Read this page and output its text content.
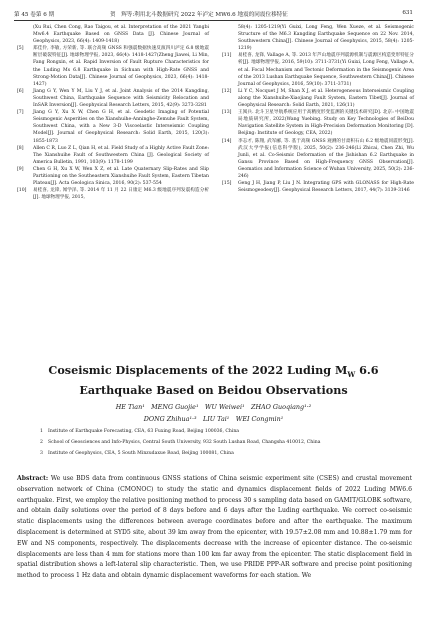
第 45 卷第 6 期	贺　辉等:利用北斗数据研究 2022 年泸定 MW6.6 地震的同震位移特征	631
(Xu Rui, Chen Cong, Rao Taigou, et al. Interpretation of the 2021 Yangbi Mw6.4 Earthquake Based on GNSS Data [J]. Chinese Journal of Geophysics, 2023, 66(4): 1409-1418)
[5] 郑佳伶, 李敏, 方荣新, 等. 联合高频 GNSS 和强震数据快速反演四川泸定 6.8 级地震断层破裂特征[J]. 地球物理学报, 2023, 66(4): 1418-1427(Zheng Jiawei, Li Min, Fang Rongxin, et al. Rapid Inversion of Fault Rupture Characteristics for the Luding Ms 6.8 Earthquake in Sichuan with High-Rate GNSS and Strong-Motion Data[J]. Chinese Journal of Geophysics, 2023, 66(4): 1418-1427)
[6] Jiang G Y, Wen Y M, Liu Y J, et al. Joint Analysis of the 2014 Kangding, Southwest China, Earthquake Sequence with Seismicity Relocation and InSAR Inversion[J]. Geophysical Research Letters, 2015, 42(9): 3273-3281
[7] Jiang G Y, Xu X W, Chen G H, et al. Geodetic Imaging of Potential Seismogenic Asperities on the Xianshuihe-Anninghe-Zemuhe Fault System, Southwest China, with a New 3-D Viscoelastic Interseismic Coupling Model[J]. Journal of Geophysical Research: Solid Earth, 2015, 120(3): 1855-1873
[8] Allen C R, Luo Z L, Qian H, et al. Field Study of a Highly Active Fault Zone: The Xianshuihe Fault of Southwestern China [J]. Geological Society of America Bulletin, 1991, 103(9): 1178-1199
[9] Chen G H, Xu X W, Wen X Z, et al. Late Quaternary Slip-Rates and Slip Partitioning on the Southeastern Xianshuihe Fault System, Eastern Tibetan Plateau[J]. Acta Geologica Sinica, 2016, 90(2): 537-554
[10] 易桂喜, 龙锋, 闻学泽, 等. 2014 年 11 月 22 日康定 M6.3 级地震序列发震构造分析[J]. 地球物理学报, 2015,
58(4): 1205-1219(Yi Guixi, Long Feng, Wen Xueze, et al. Seismogenic Structure of the M6.3 Kangding Earthquake Sequence on 22 Nov. 2014, Southwestern China[J]. Chinese Journal of Geophysics, 2015, 58(4): 1205-1219)
[11] 易桂喜, 龙锋, Vallage A, 等. 2013 年芦山地震序列震源机制与震源区构造变形特征分析[J]. 地球物理学报, 2016, 59(10): 3711-3731(Yi Guixi, Long Feng, Vallage A, et al. Focal Mechanism and Tectonic Deformation in the Seismogenic Area of the 2013 Lushan Earthquake Sequence, Southwestern China[J]. Chinese Journal of Geophysics, 2016, 59(10): 3711-3731)
[12] Li Y C, Nocquet J M, Shan X J, et al. Heterogeneous Interseismic Coupling along the Xianshuihe-Xiaojiang Fault System, Eastern Tibet[J]. Journal of Geophysical Research: Solid Earth, 2021, 126(11)
[13] 王阅兵. 北斗卫星导航系统应用于高精度形变监测的关键技术研究[D]. 北京: 中国地震局地质研究所, 2022(Wang Yuebing. Study on Key Technologies of BeiDou Navigation Satellite System in High-Precision Deformation Monitoring [D]. Beijing: Institute of Geology, CEA, 2022)
[14] 李志才, 陈翔, 武军郦, 等. 基于高频 GNSS 观测的甘肃积石山 6.2 级地震同震形变[J]. 武汉大学学报(信息科学版), 2025, 50(2): 236-246(Li Zhicai, Chen Zhi, Wu Junli, et al. Co-Seismic Deformation of the Jishishan 6.2 Earthquake in Gansu Province Based on High-Frequency GNSS Observation[J]. Geomatics and Information Science of Wuhan University, 2025, 50(2): 236-246)
[15] Geng J H, Jiang P, Liu J N. Integrating GPS with GLONASS for High-Rate Seismogeodesy[J]. Geophysical Research Letters, 2017, 44(7): 3139-3146
Coseismic Displacements of the 2022 Luding $M_W$ 6.6
Earthquake Based on Beidou Observations
HE Tian¹　MENG Guojie¹　WU Weiwei¹　ZHAO Guoqiang¹·²
DONG Zhihua¹·³　LIU Tai¹　WEI Congmin¹
1 Institute of Earthquake Forecasting, CEA, 63 Fuxing Road, Beijing 100036, China
2 School of Geosciences and Info-Physics, Central South University, 932 South Lushan Road, Changsha 410012, China
3 Institute of Geophysics, CEA, 5 South Minzudaxue Road, Beijing 100081, China
Abstract: We use BDS data from continuous GNSS stations of China seismic experiment site (CSES) and crustal movement observation network of China (CMONOC) to study the static and dynamics displacement fields of 2022 Luding MW6.6 earthquake. First, we employ the relative positioning method to process 30 s sampling data based on GAMIT/GLOBK software, and obtain daily solutions over the period of 8 days before and 6 days after the Luding earthquake. We correct co-seismic static displacements using the differences between average coordinates before and after the earthquake. The maximum displacement is determined at SYD5 site, about 39 km away from the epicenter, with 19.57±2.08 mm and 10.88±1.79 mm for EW and NS components, respectively. The displacements decrease with the increase of epicenter distance. The co-seismic displacements are less than 4 mm for stations more than 100 km far away from the epicenter. The static displacement field in spatial distribution shows a left-lateral slip characteristic. Then, we use PRIDE PPP-AR software and precise point positioning method to process 1 Hz data and obtain dynamic displacement waveforms for each station. We
